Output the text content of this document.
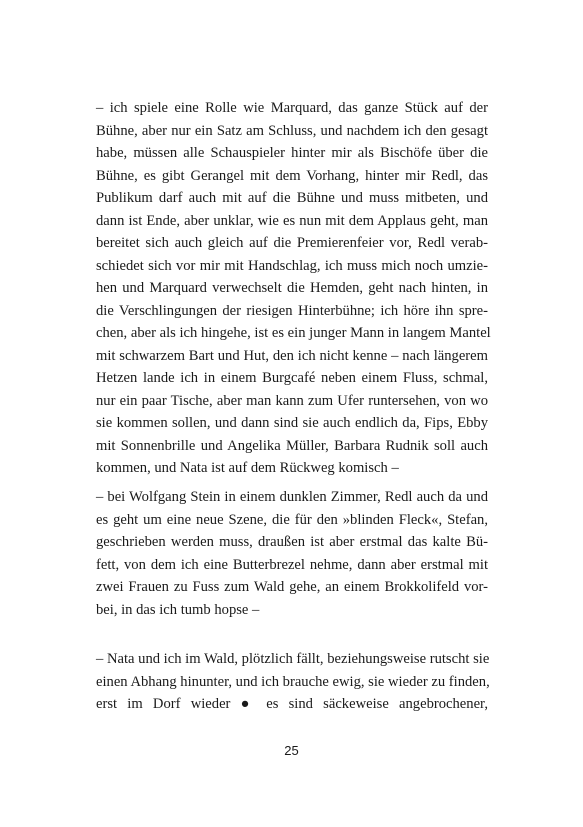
– ich spiele eine Rolle wie Marquard, das ganze Stück auf der
Bühne, aber nur ein Satz am Schluss, und nachdem ich den gesagt
habe, müssen alle Schauspieler hinter mir als Bischöfe über die
Bühne, es gibt Gerangel mit dem Vorhang, hinter mir Redl, das
Publikum darf auch mit auf die Bühne und muss mitbeten, und
dann ist Ende, aber unklar, wie es nun mit dem Applaus geht, man
bereitet sich auch gleich auf die Premierenfeier vor, Redl verab-
schiedet sich vor mir mit Handschlag, ich muss mich noch umzie-
hen und Marquard verwechselt die Hemden, geht nach hinten, in
die Verschlingungen der riesigen Hinterbühne; ich höre ihn spre-
chen, aber als ich hingehe, ist es ein junger Mann in langem Mantel
mit schwarzem Bart und Hut, den ich nicht kenne – nach längerem
Hetzen lande ich in einem Burgcafé neben einem Fluss, schmal,
nur ein paar Tische, aber man kann zum Ufer runtersehen, von wo
sie kommen sollen, und dann sind sie auch endlich da, Fips, Ebby
mit Sonnenbrille und Angelika Müller, Barbara Rudnik soll auch
kommen, und Nata ist auf dem Rückweg komisch –
– bei Wolfgang Stein in einem dunklen Zimmer, Redl auch da und
es geht um eine neue Szene, die für den »blinden Fleck«, Stefan,
geschrieben werden muss, draußen ist aber erstmal das kalte Bü-
fett, von dem ich eine Butterbrezel nehme, dann aber erstmal mit
zwei Frauen zu Fuss zum Wald gehe, an einem Brokkolifeld vor-
bei, in das ich tumb hopse –
– Nata und ich im Wald, plötzlich fällt, beziehungsweise rutscht sie
einen Abhang hinunter, und ich brauche ewig, sie wieder zu finden,
erst im Dorf wieder ● es sind säckeweise angebrochener,
25
